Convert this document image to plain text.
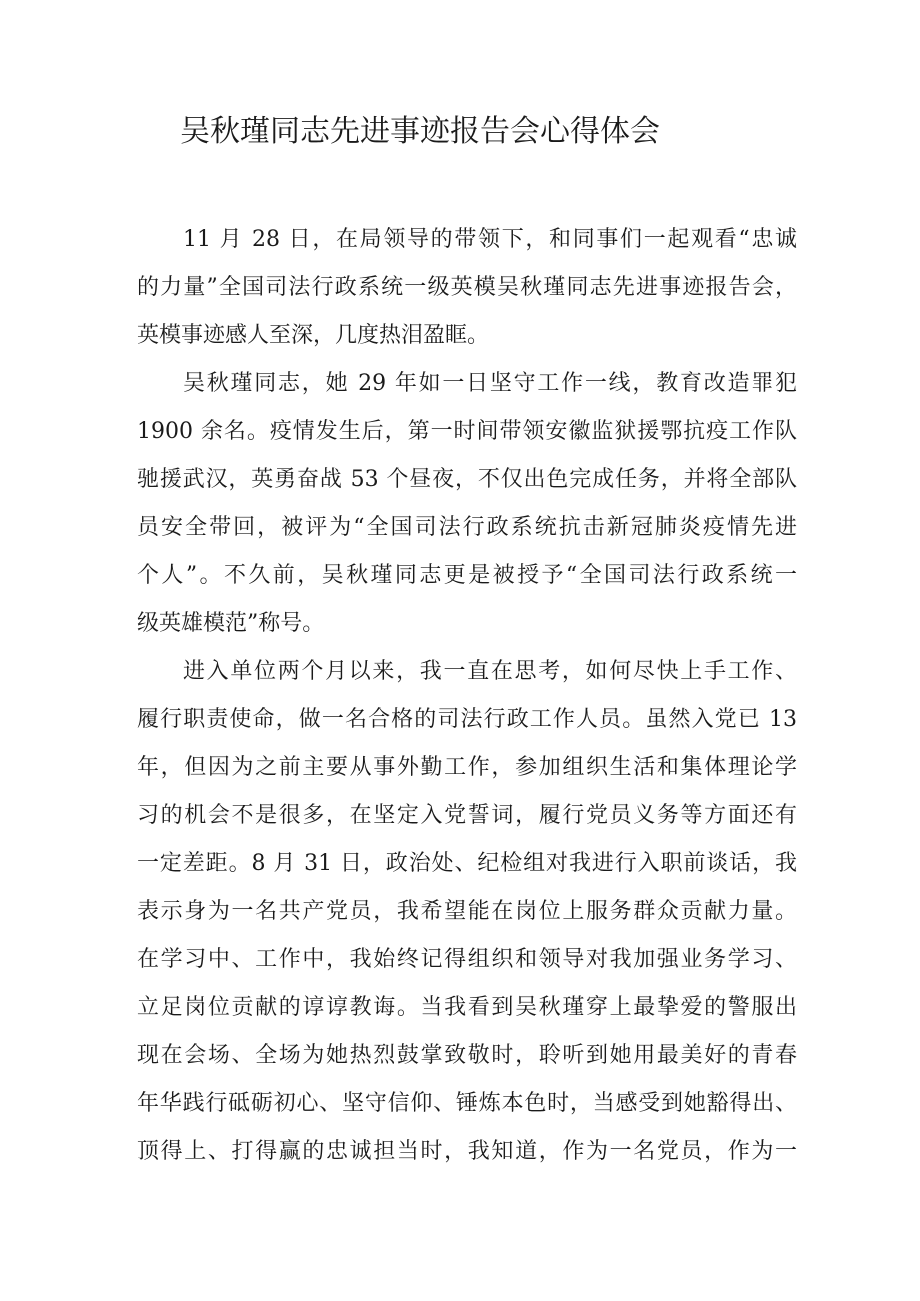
吴秋瑾同志先进事迹报告会心得体会
11 月 28 日，在局领导的带领下，和同事们一起观看“忠诚
的力量”全国司法行政系统一级英模吴秋瑾同志先进事迹报告会，
英模事迹感人至深，几度热泪盈眶。
吴秋瑾同志，她 29 年如一日坚守工作一线，教育改造罪犯
1900 余名。疫情发生后，第一时间带领安徽监狱援鄂抗疫工作队
驰援武汉，英勇奋战 53 个昼夜，不仅出色完成任务，并将全部队
员安全带回，被评为“全国司法行政系统抗击新冠肺炎疫情先进
个人”。不久前，吴秋瑾同志更是被授予“全国司法行政系统一
级英雄模范”称号。
进入单位两个月以来，我一直在思考，如何尽快上手工作、
履行职责使命，做一名合格的司法行政工作人员。虽然入党已 13
年，但因为之前主要从事外勤工作，参加组织生活和集体理论学
习的机会不是很多，在坚定入党誓词，履行党员义务等方面还有
一定差距。8 月 31 日，政治处、纪检组对我进行入职前谈话，我
表示身为一名共产党员，我希望能在岗位上服务群众贡献力量。
在学习中、工作中，我始终记得组织和领导对我加强业务学习、
立足岗位贡献的谆谆教诲。当我看到吴秋瑾穿上最挚爱的警服出
现在会场、全场为她热烈鼓掌致敬时，聆听到她用最美好的青春
年华践行砥砺初心、坚守信仰、锤炼本色时，当感受到她豁得出、
顶得上、打得赢的忠诚担当时，我知道，作为一名党员，作为一
